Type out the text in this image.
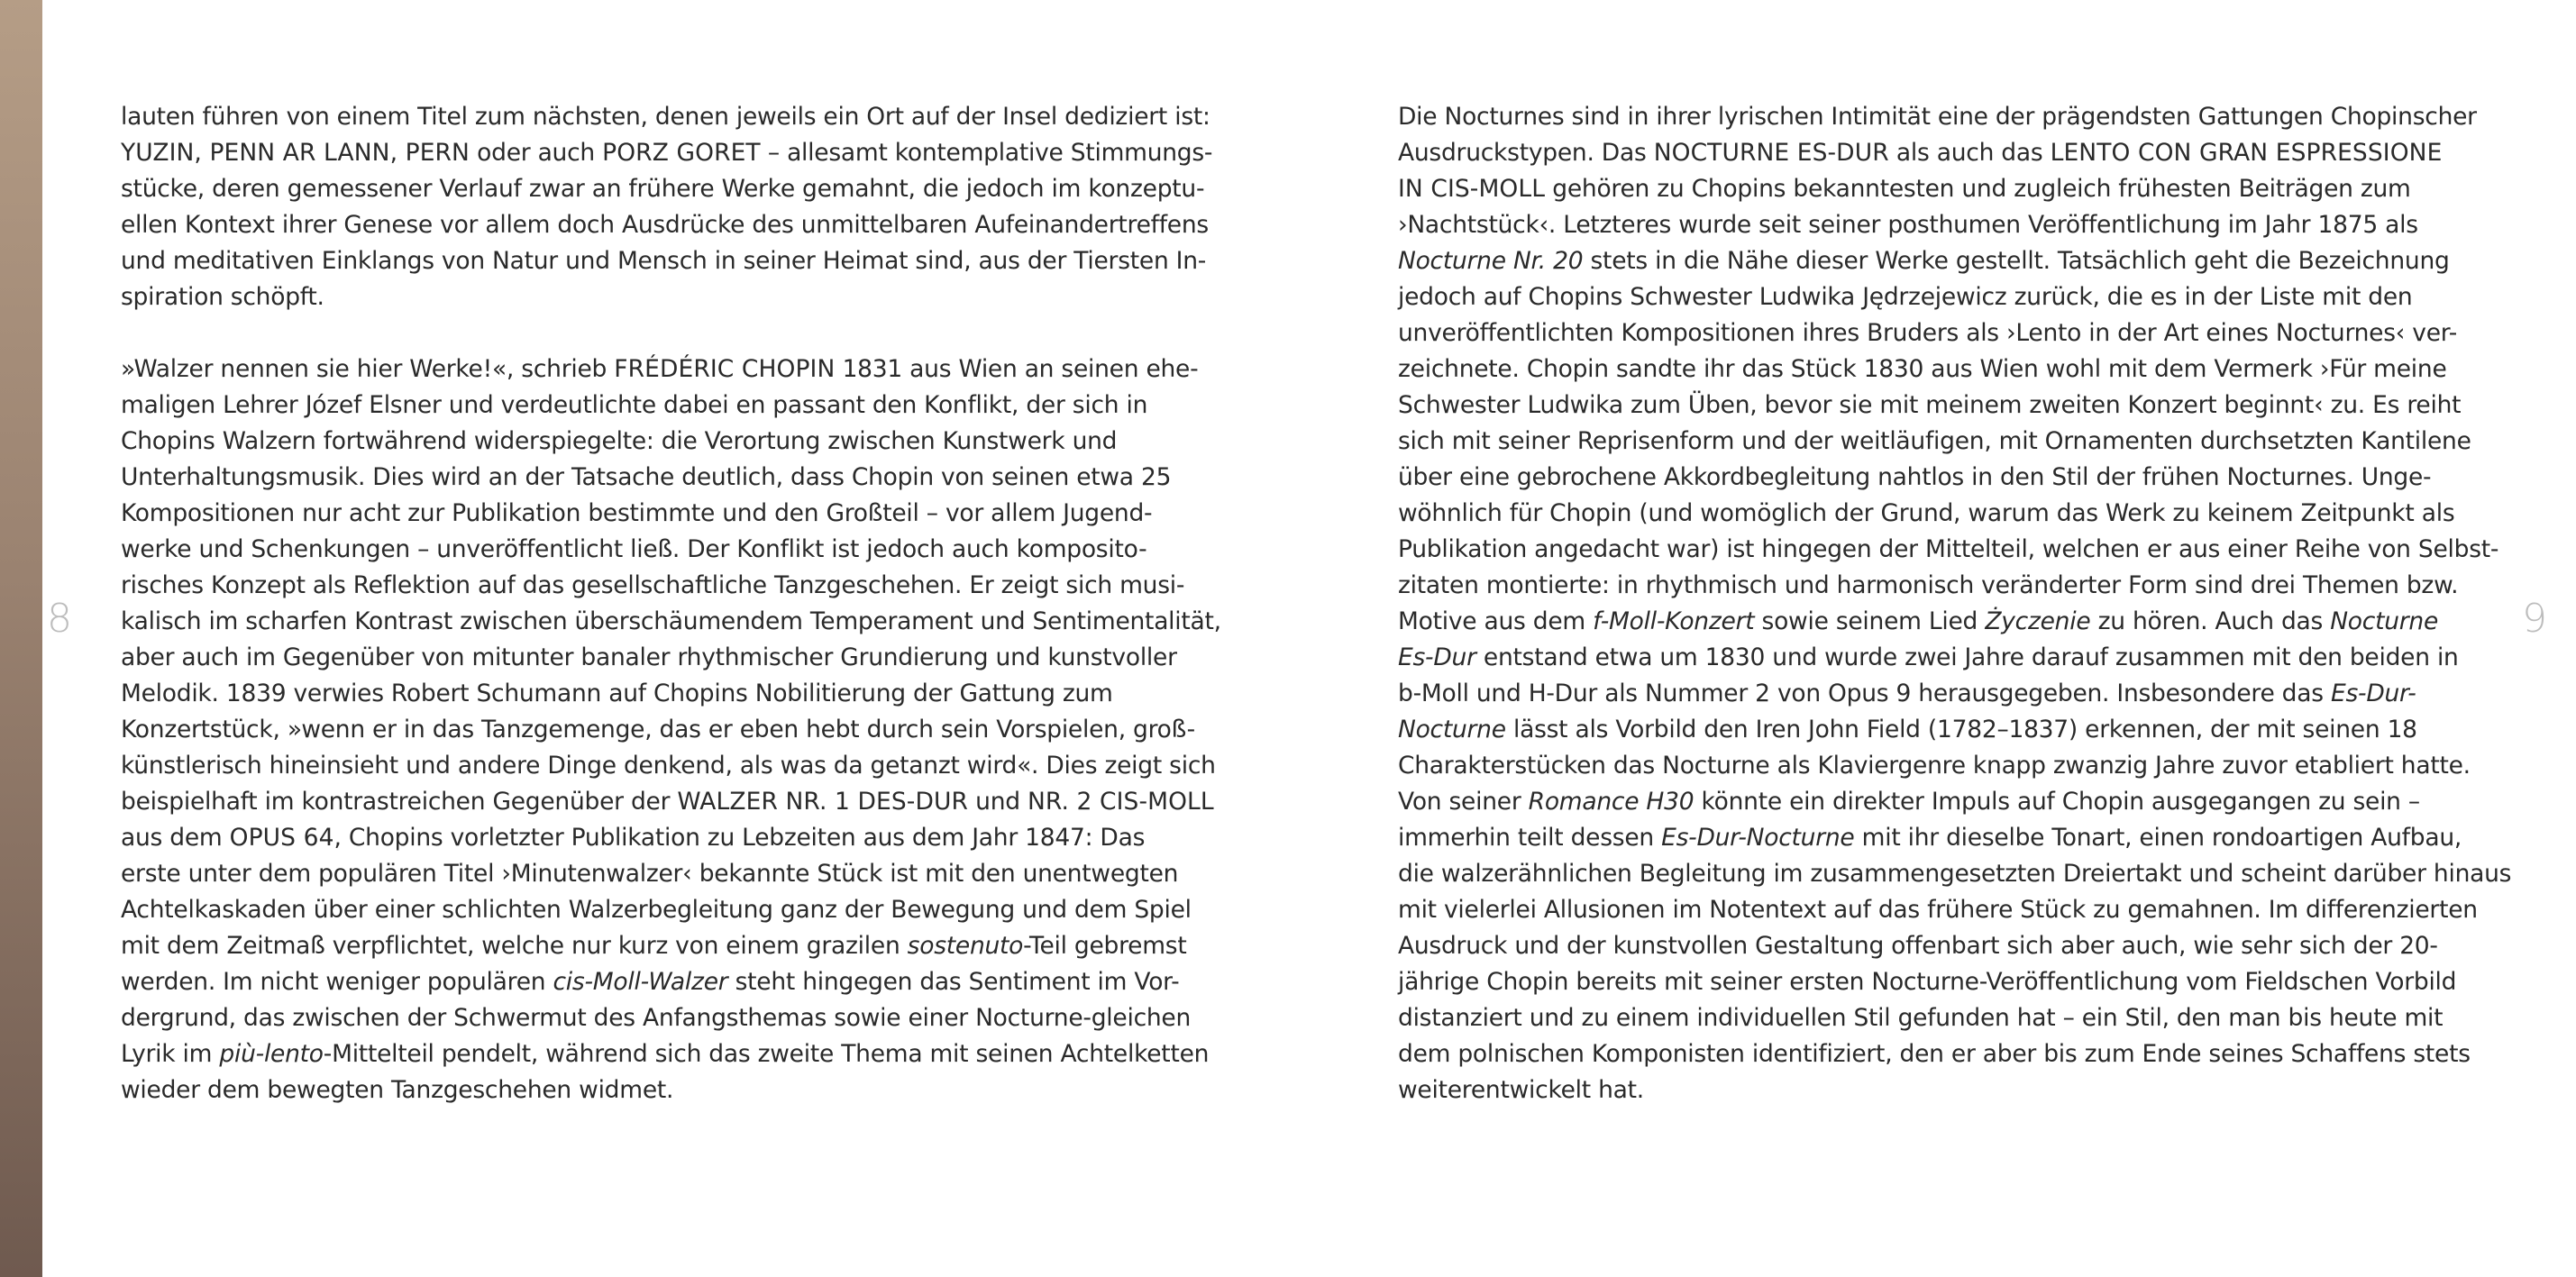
8	9
lauten führen von einem Titel zum nächsten, denen jeweils ein Ort auf der Insel dediziert ist:
YUZIN, PENN AR LANN, PERN oder auch PORZ GORET – allesamt kontemplative Stimmungs-
stücke, deren gemessener Verlauf zwar an frühere Werke gemahnt, die jedoch im konzeptu-
ellen Kontext ihrer Genese vor allem doch Ausdrücke des unmittelbaren Aufeinandertreffens
und meditativen Einklangs von Natur und Mensch in seiner Heimat sind, aus der Tiersten In-
spiration schöpft.
»Walzer nennen sie hier Werke!«, schrieb FRÉDÉRIC CHOPIN 1831 aus Wien an seinen ehe-
maligen Lehrer Józef Elsner und verdeutlichte dabei en passant den Konflikt, der sich in
Chopins Walzern fortwährend widerspiegelte: die Verortung zwischen Kunstwerk und
Unterhaltungsmusik. Dies wird an der Tatsache deutlich, dass Chopin von seinen etwa 25
Kompositionen nur acht zur Publikation bestimmte und den Großteil – vor allem Jugend-
werke und Schenkungen – unveröffentlicht ließ. Der Konflikt ist jedoch auch komposito-
risches Konzept als Reflektion auf das gesellschaftliche Tanzgeschehen. Er zeigt sich musi-
kalisch im scharfen Kontrast zwischen überschäumendem Temperament und Sentimentalität,
aber auch im Gegenüber von mitunter banaler rhythmischer Grundierung und kunstvoller
Melodik. 1839 verwies Robert Schumann auf Chopins Nobilitierung der Gattung zum
Konzertstück, »wenn er in das Tanzgemenge, das er eben hebt durch sein Vorspielen, groß-
künstlerisch hineinsieht und andere Dinge denkend, als was da getanzt wird«. Dies zeigt sich
beispielhaft im kontrastreichen Gegenüber der WALZER NR. 1 DES-DUR und NR. 2 CIS-MOLL
aus dem OPUS 64, Chopins vorletzter Publikation zu Lebzeiten aus dem Jahr 1847: Das
erste unter dem populären Titel ›Minutenwalzer‹ bekannte Stück ist mit den unentwegten
Achtelkaskaden über einer schlichten Walzerbegleitung ganz der Bewegung und dem Spiel
mit dem Zeitmaß verpflichtet, welche nur kurz von einem grazilen sostenuto-Teil gebremst
werden. Im nicht weniger populären cis-Moll-Walzer steht hingegen das Sentiment im Vor-
dergrund, das zwischen der Schwermut des Anfangsthemas sowie einer Nocturne-gleichen
Lyrik im più-lento-Mittelteil pendelt, während sich das zweite Thema mit seinen Achtelketten
wieder dem bewegten Tanzgeschehen widmet.
Die Nocturnes sind in ihrer lyrischen Intimität eine der prägendsten Gattungen Chopinscher
Ausdruckstypen. Das NOCTURNE ES-DUR als auch das LENTO CON GRAN ESPRESSIONE
IN CIS-MOLL gehören zu Chopins bekanntesten und zugleich frühesten Beiträgen zum
›Nachtstück‹. Letzteres wurde seit seiner posthumen Veröffentlichung im Jahr 1875 als
Nocturne Nr. 20 stets in die Nähe dieser Werke gestellt. Tatsächlich geht die Bezeichnung
jedoch auf Chopins Schwester Ludwika Jędrzejewicz zurück, die es in der Liste mit den
unveröffentlichten Kompositionen ihres Bruders als ›Lento in der Art eines Nocturnes‹ ver-
zeichnete. Chopin sandte ihr das Stück 1830 aus Wien wohl mit dem Vermerk ›Für meine
Schwester Ludwika zum Üben, bevor sie mit meinem zweiten Konzert beginnt‹ zu. Es reiht
sich mit seiner Reprisenform und der weitläufigen, mit Ornamenten durchsetzten Kantilene
über eine gebrochene Akkordbegleitung nahtlos in den Stil der frühen Nocturnes. Unge-
wöhnlich für Chopin (und womöglich der Grund, warum das Werk zu keinem Zeitpunkt als
Publikation angedacht war) ist hingegen der Mittelteil, welchen er aus einer Reihe von Selbst-
zitaten montierte: in rhythmisch und harmonisch veränderter Form sind drei Themen bzw.
Motive aus dem f-Moll-Konzert sowie seinem Lied Życzenie zu hören. Auch das Nocturne
Es-Dur entstand etwa um 1830 und wurde zwei Jahre darauf zusammen mit den beiden in
b-Moll und H-Dur als Nummer 2 von Opus 9 herausgegeben. Insbesondere das Es-Dur-
Nocturne lässt als Vorbild den Iren John Field (1782–1837) erkennen, der mit seinen 18
Charakterstücken das Nocturne als Klaviergenre knapp zwanzig Jahre zuvor etabliert hatte.
Von seiner Romance H30 könnte ein direkter Impuls auf Chopin ausgegangen zu sein –
immerhin teilt dessen Es-Dur-Nocturne mit ihr dieselbe Tonart, einen rondoartigen Aufbau,
die walzerähnlichen Begleitung im zusammengesetzten Dreiertakt und scheint darüber hinaus
mit vielerlei Allusionen im Notentext auf das frühere Stück zu gemahnen. Im differenzierten
Ausdruck und der kunstvollen Gestaltung offenbart sich aber auch, wie sehr sich der 20-
jährige Chopin bereits mit seiner ersten Nocturne-Veröffentlichung vom Fieldschen Vorbild
distanziert und zu einem individuellen Stil gefunden hat – ein Stil, den man bis heute mit
dem polnischen Komponisten identifiziert, den er aber bis zum Ende seines Schaffens stets
weiterentwickelt hat.
